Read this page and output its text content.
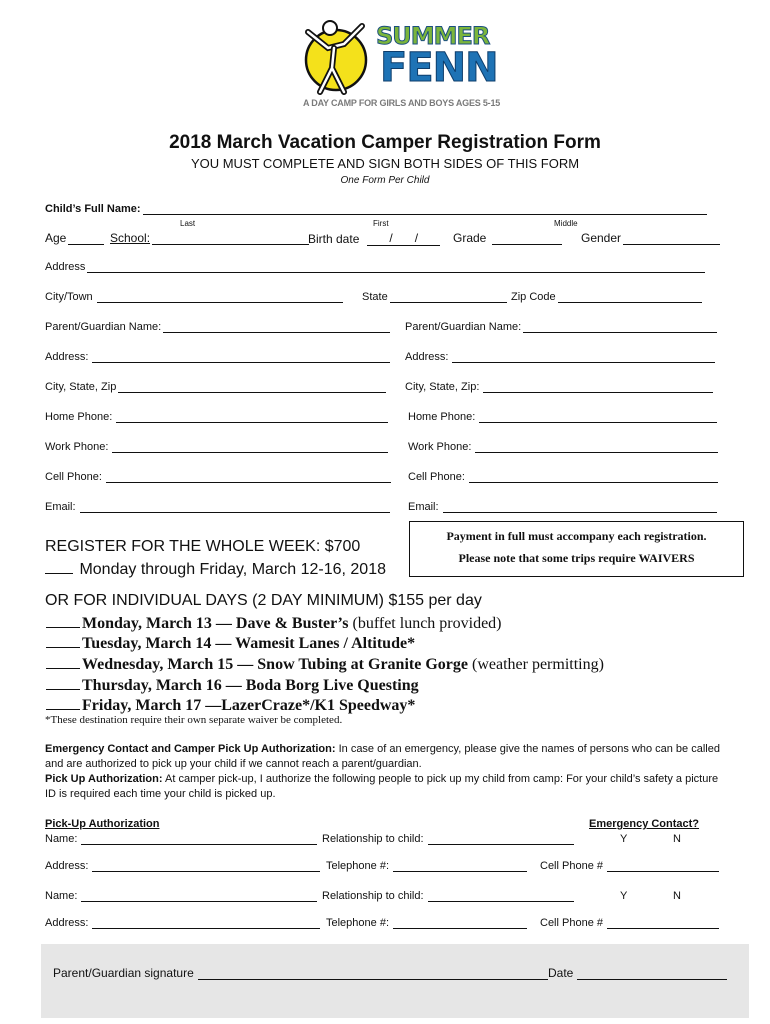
SUMMER
FENN
A DAY CAMP FOR GIRLS AND BOYS AGES 5-15
2018 March Vacation Camper Registration Form
YOU MUST COMPLETE AND SIGN BOTH SIDES OF THIS FORM
One Form Per Child
Child’s Full Name:
Last	First	Middle
Age	School:	Birth date	/ /	Grade	Gender
Address
City/Town	State	Zip Code
Parent/Guardian Name:
Address:
City, State, Zip
Home Phone:
Work Phone:
Cell Phone:
Email:
Parent/Guardian Name:
Address:
City, State, Zip:
Home Phone:
Work Phone:
Cell Phone:
Email:
Payment in full must accompany each registration.
Please note that some trips require WAIVERS
REGISTER FOR THE WHOLE WEEK: $700
Monday through Friday, March 12-16, 2018
OR FOR INDIVIDUAL DAYS (2 DAY MINIMUM) $155 per day
Monday, March 13 — Dave & Buster’s (buffet lunch provided)
Tuesday, March 14 — Wamesit Lanes / Altitude*
Wednesday, March 15 — Snow Tubing at Granite Gorge (weather permitting)
Thursday, March 16 — Boda Borg Live Questing
Friday, March 17 —LazerCraze*/K1 Speedway*
*These destination require their own separate waiver be completed.
Emergency Contact and Camper Pick Up Authorization: In case of an emergency, please give the names of persons who can be called and are authorized to pick up your child if we cannot reach a parent/guardian.
Pick Up Authorization: At camper pick-up, I authorize the following people to pick up my child from camp: For your child’s safety a picture ID is required each time your child is picked up.
Pick-Up Authorization	Emergency Contact?
Name:	Relationship to child:	Y	N
Address:	Telephone #:	Cell Phone #
Name:	Relationship to child:	Y	N
Address:	Telephone #:	Cell Phone #
Parent/Guardian signature	Date
